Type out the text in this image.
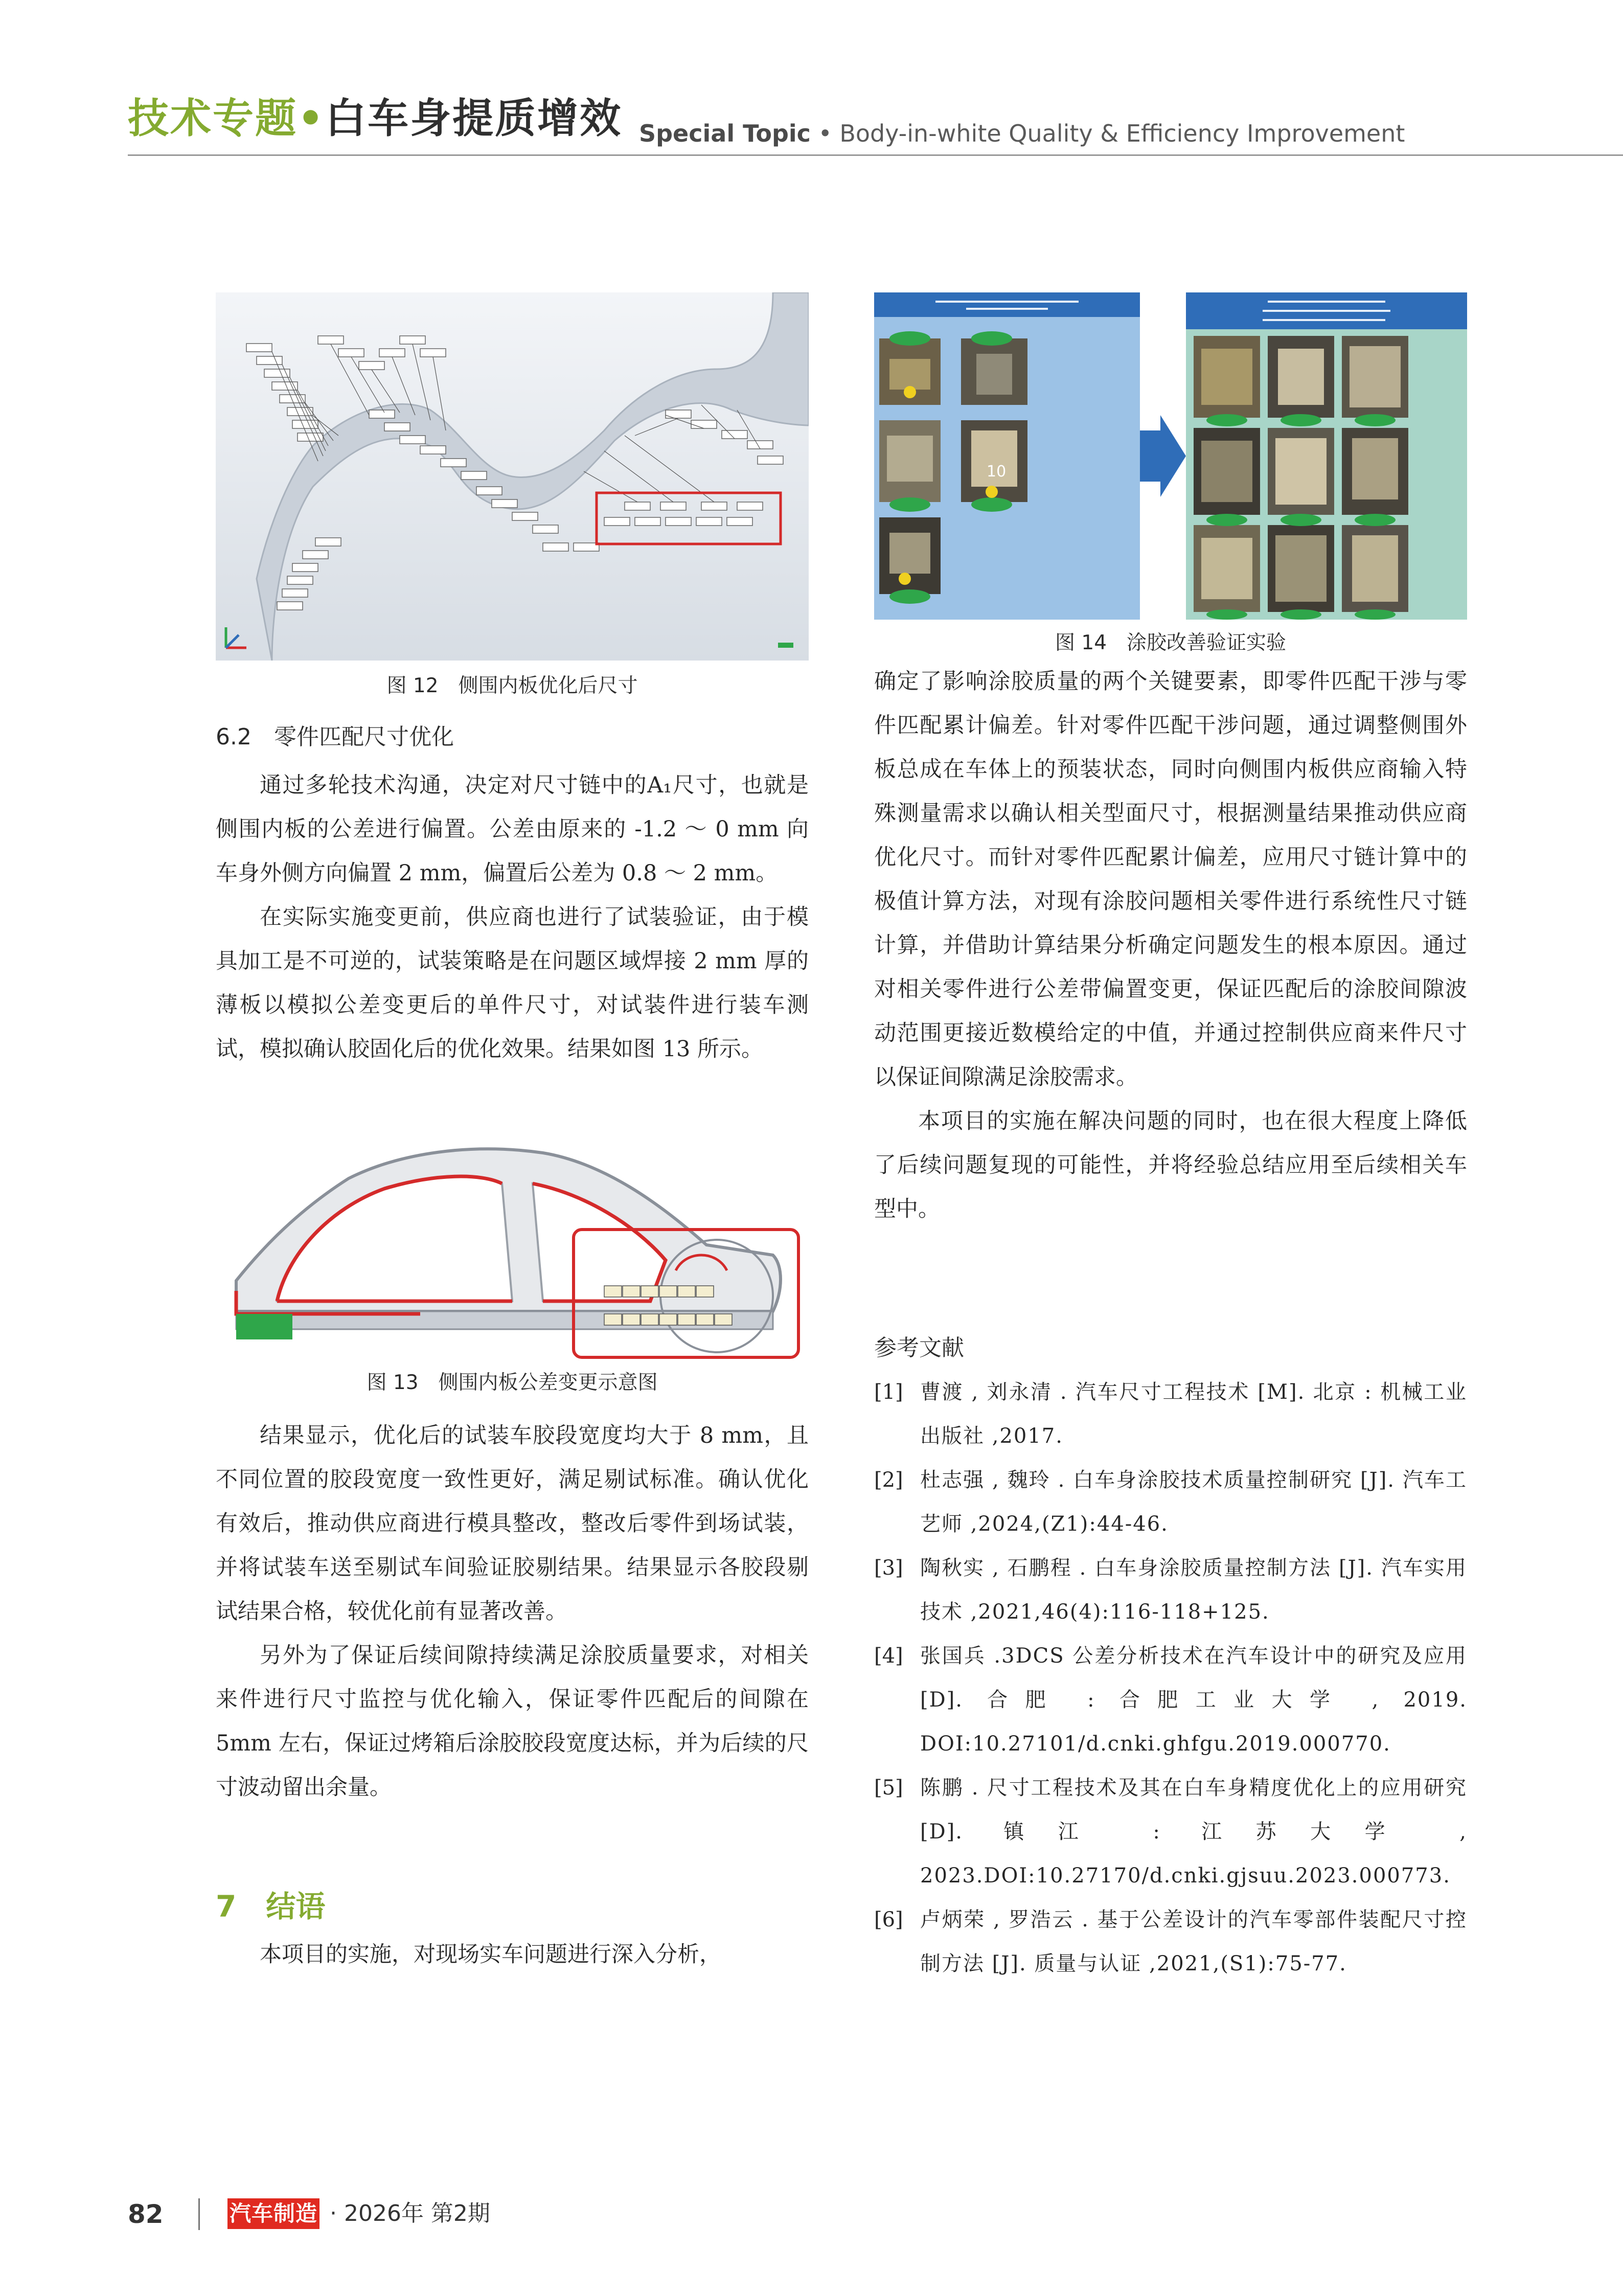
技术专题•白车身提质增效 Special Topic • Body-in-white Quality & Efficiency Improvement
图 12　侧围内板优化后尺寸
10
图 14　涂胶改善验证实验
图 13　侧围内板公差变更示意图
6.2　零件匹配尺寸优化

通过多轮技术沟通，决定对尺寸链中的A₁尺寸，也就是侧围内板的公差进行偏置。公差由原来的 -1.2 ～ 0 mm 向车身外侧方向偏置 2 mm，偏置后公差为 0.8 ～ 2 mm。

在实际实施变更前，供应商也进行了试装验证，由于模具加工是不可逆的，试装策略是在问题区域焊接 2 mm 厚的薄板以模拟公差变更后的单件尺寸，对试装件进行装车测试，模拟确认胶固化后的优化效果。结果如图 13 所示。

结果显示，优化后的试装车胶段宽度均大于 8 mm，且不同位置的胶段宽度一致性更好，满足剔试标准。确认优化有效后，推动供应商进行模具整改，整改后零件到场试装，并将试装车送至剔试车间验证胶剔结果。结果显示各胶段剔试结果合格，较优化前有显著改善。

另外为了保证后续间隙持续满足涂胶质量要求，对相关来件进行尺寸监控与优化输入，保证零件匹配后的间隙在 5mm 左右，保证过烤箱后涂胶胶段宽度达标，并为后续的尺寸波动留出余量。

7　结语

本项目的实施，对现场实车问题进行深入分析，

确定了影响涂胶质量的两个关键要素，即零件匹配干涉与零件匹配累计偏差。针对零件匹配干涉问题，通过调整侧围外板总成在车体上的预装状态，同时向侧围内板供应商输入特殊测量需求以确认相关型面尺寸，根据测量结果推动供应商优化尺寸。而针对零件匹配累计偏差，应用尺寸链计算中的极值计算方法，对现有涂胶问题相关零件进行系统性尺寸链计算，并借助计算结果分析确定问题发生的根本原因。通过对相关零件进行公差带偏置变更，保证匹配后的涂胶间隙波动范围更接近数模给定的中值，并通过控制供应商来件尺寸以保证间隙满足涂胶需求。

本项目的实施在解决问题的同时，也在很大程度上降低了后续问题复现的可能性，并将经验总结应用至后续相关车型中。

参考文献
[1] 曹渡 , 刘永清 . 汽车尺寸工程技术 [M]. 北京 : 机械工业出版社 ,2017.
[2] 杜志强 , 魏玲 . 白车身涂胶技术质量控制研究 [J]. 汽车工艺师 ,2024,(Z1):44-46.
[3] 陶秋实 , 石鹏程 . 白车身涂胶质量控制方法 [J]. 汽车实用技术 ,2021,46(4):116-118+125.
[4] 张国兵 .3DCS 公差分析技术在汽车设计中的研究及应用 [D]. 合肥 : 合肥工业大学 , 2019. DOI:10.27101/d.cnki.ghfgu.2019.000770.
[5] 陈鹏 . 尺寸工程技术及其在白车身精度优化上的应用研究 [D]. 镇江 : 江苏大学 , 2023.DOI:10.27170/d.cnki.gjsuu.2023.000773.
[6] 卢炳荣 , 罗浩云 . 基于公差设计的汽车零部件装配尺寸控制方法 [J]. 质量与认证 ,2021,(S1):75-77.
82	汽车制造业
· 2026年 第2期
